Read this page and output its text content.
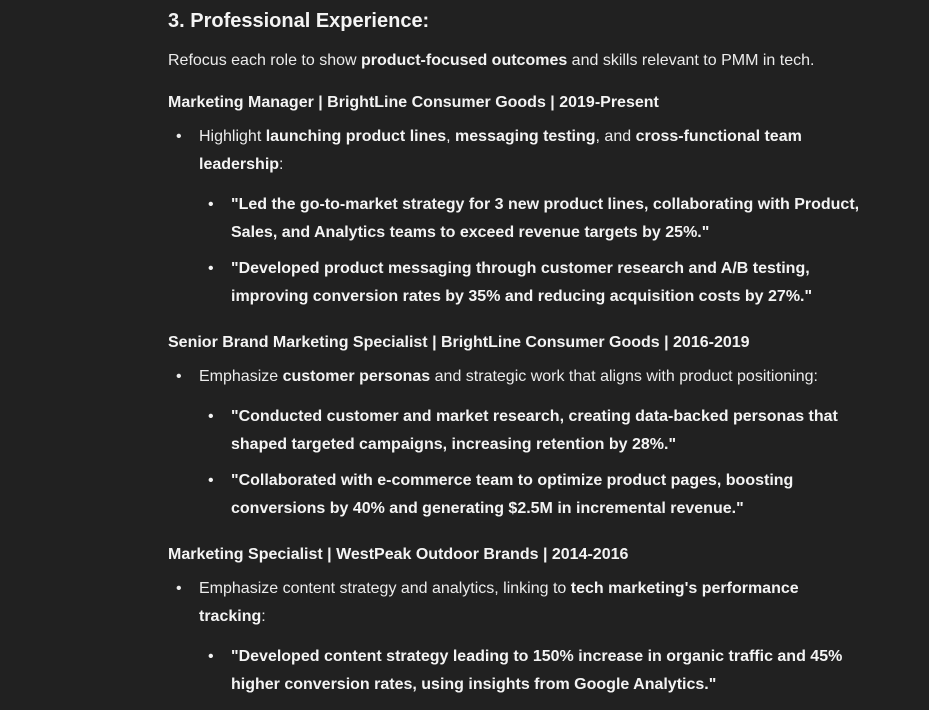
3. Professional Experience:
Refocus each role to show product-focused outcomes and skills relevant to PMM in tech.
Marketing Manager | BrightLine Consumer Goods | 2019-Present
• Highlight launching product lines, messaging testing, and cross-functional team leadership:
• "Led the go-to-market strategy for 3 new product lines, collaborating with Product, Sales, and Analytics teams to exceed revenue targets by 25%."
• "Developed product messaging through customer research and A/B testing, improving conversion rates by 35% and reducing acquisition costs by 27%."
Senior Brand Marketing Specialist | BrightLine Consumer Goods | 2016-2019
• Emphasize customer personas and strategic work that aligns with product positioning:
• "Conducted customer and market research, creating data-backed personas that shaped targeted campaigns, increasing retention by 28%."
• "Collaborated with e-commerce team to optimize product pages, boosting conversions by 40% and generating $2.5M in incremental revenue."
Marketing Specialist | WestPeak Outdoor Brands | 2014-2016
• Emphasize content strategy and analytics, linking to tech marketing's performance tracking:
• "Developed content strategy leading to 150% increase in organic traffic and 45% higher conversion rates, using insights from Google Analytics."
